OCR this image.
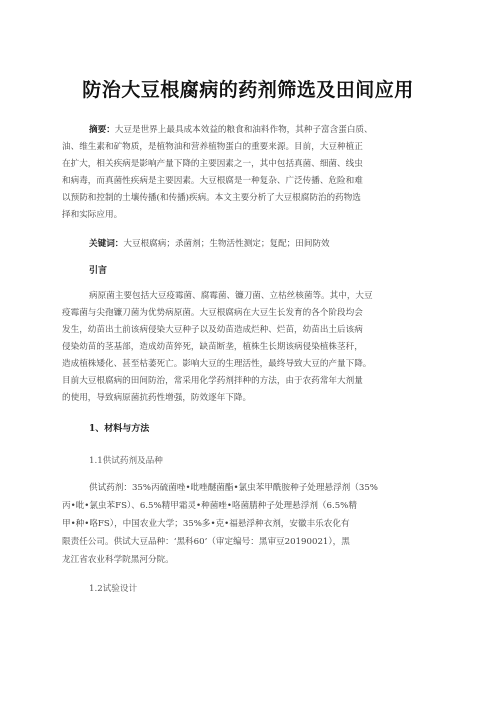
防治大豆根腐病的药剂筛选及田间应用
摘要：大豆是世界上最具成本效益的粮食和油料作物，其种子富含蛋白质、
油、维生素和矿物质，是植物油和营养植物蛋白的重要来源。目前，大豆种植正
在扩大，相关疾病是影响产量下降的主要因素之一，其中包括真菌、细菌、线虫
和病毒，而真菌性疾病是主要因素。大豆根腐是一种复杂、广泛传播、危险和难
以预防和控制的土壤传播(和传播)疾病。本文主要分析了大豆根腐防治的药物选
择和实际应用。
关键词：大豆根腐病；杀菌剂；生物活性测定；复配；田间防效
引言
病原菌主要包括大豆疫霉菌、腐霉菌、镰刀菌、立枯丝核菌等。其中，大豆
疫霉菌与尖孢镰刀菌为优势病原菌。大豆根腐病在大豆生长发育的各个阶段均会
发生，幼苗出土前该病侵染大豆种子以及幼苗造成烂种、烂苗，幼苗出土后该病
侵染幼苗的茎基部，造成幼苗猝死，缺苗断垄，植株生长期该病侵染植株茎秆，
造成植株矮化、甚至枯萎死亡。影响大豆的生理活性，最终导致大豆的产量下降。
目前大豆根腐病的田间防治，常采用化学药剂拌种的方法，由于农药常年大剂量
的使用，导致病原菌抗药性增强，防效逐年下降。
1、材料与方法
1.1供试药剂及品种
供试药剂：35%丙硫菌唑•吡唑醚菌酯•氯虫苯甲酰胺种子处理悬浮剂（35%
丙•吡•氯虫苯FS）、6.5%精甲霜灵•种菌唑•咯菌腈种子处理悬浮剂（6.5%精
甲•种•咯FS），中国农业大学；35%多•克•福悬浮种衣剂，安徽丰乐农化有
限责任公司。供试大豆品种：‘黑科60’（审定编号：黑审豆20190021），黑
龙江省农业科学院黑河分院。
1.2试验设计
